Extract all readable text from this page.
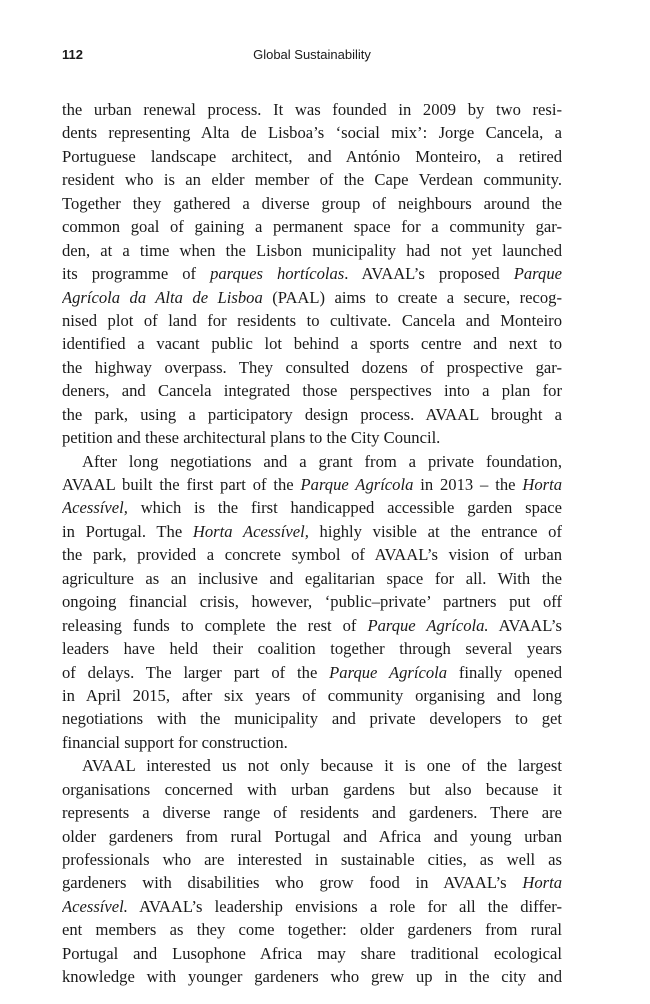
112	Global Sustainability
the urban renewal process. It was founded in 2009 by two resi-
dents representing Alta de Lisboa’s ‘social mix’: Jorge Cancela, a
Portuguese landscape architect, and António Monteiro, a retired
resident who is an elder member of the Cape Verdean community.
Together they gathered a diverse group of neighbours around the
common goal of gaining a permanent space for a community gar-
den, at a time when the Lisbon municipality had not yet launched
its programme of parques hortícolas. AVAAL’s proposed Parque
Agrícola da Alta de Lisboa (PAAL) aims to create a secure, recog-
nised plot of land for residents to cultivate. Cancela and Monteiro
identified a vacant public lot behind a sports centre and next to
the highway overpass. They consulted dozens of prospective gar-
deners, and Cancela integrated those perspectives into a plan for
the park, using a participatory design process. AVAAL brought a
petition and these architectural plans to the City Council.
After long negotiations and a grant from a private foundation,
AVAAL built the first part of the Parque Agrícola in 2013 – the Horta
Acessível, which is the first handicapped accessible garden space
in Portugal. The Horta Acessível, highly visible at the entrance of
the park, provided a concrete symbol of AVAAL’s vision of urban
agriculture as an inclusive and egalitarian space for all. With the
ongoing financial crisis, however, ‘public–private’ partners put off
releasing funds to complete the rest of Parque Agrícola. AVAAL’s
leaders have held their coalition together through several years
of delays. The larger part of the Parque Agrícola finally opened
in April 2015, after six years of community organising and long
negotiations with the municipality and private developers to get
financial support for construction.
AVAAL interested us not only because it is one of the largest
organisations concerned with urban gardens but also because it
represents a diverse range of residents and gardeners. There are
older gardeners from rural Portugal and Africa and young urban
professionals who are interested in sustainable cities, as well as
gardeners with disabilities who grow food in AVAAL’s Horta
Acessível. AVAAL’s leadership envisions a role for all the differ-
ent members as they come together: older gardeners from rural
Portugal and Lusophone Africa may share traditional ecological
knowledge with younger gardeners who grew up in the city and
